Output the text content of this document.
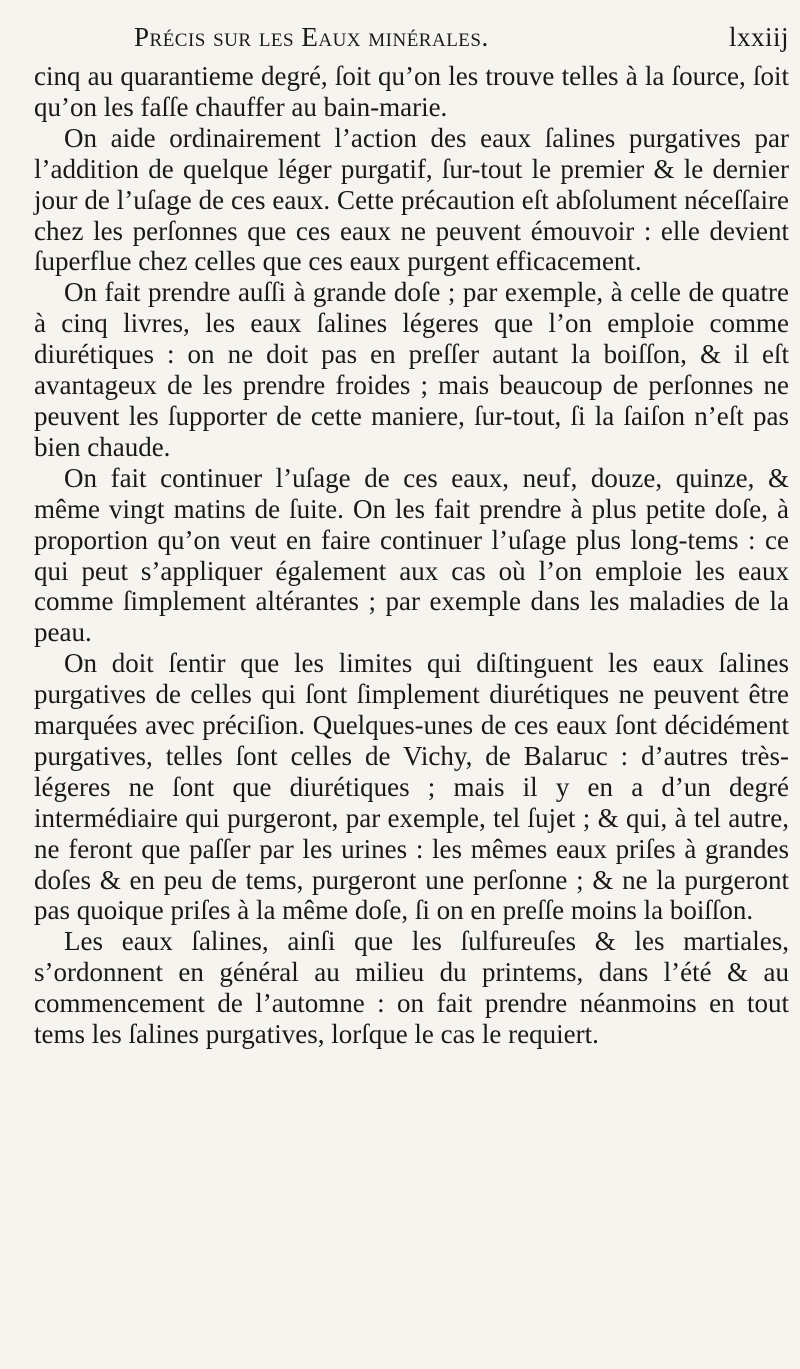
Précis sur les Eaux minérales.	lxxiij

cinq au quarantieme degré, ſoit qu’on les trouve telles à la ſource, ſoit qu’on les faſſe chauffer au bain-marie.

On aide ordinairement l’action des eaux ſalines purgatives par l’addition de quelque léger purgatif, ſur-tout le premier & le dernier jour de l’uſage de ces eaux. Cette précaution eſt abſolument néceſſaire chez les perſonnes que ces eaux ne peuvent émouvoir : elle devient ſuperflue chez celles que ces eaux purgent efficacement.

On fait prendre auſſi à grande doſe ; par exemple, à celle de quatre à cinq livres, les eaux ſalines légeres que l’on emploie comme diurétiques : on ne doit pas en preſſer autant la boiſſon, & il eſt avantageux de les prendre froides ; mais beaucoup de perſonnes ne peuvent les ſupporter de cette maniere, ſur-tout, ſi la ſaiſon n’eſt pas bien chaude.

On fait continuer l’uſage de ces eaux, neuf, douze, quinze, & même vingt matins de ſuite. On les fait prendre à plus petite doſe, à proportion qu’on veut en faire continuer l’uſage plus long-tems : ce qui peut s’appliquer également aux cas où l’on emploie les eaux comme ſimplement altérantes ; par exemple dans les maladies de la peau.

On doit ſentir que les limites qui diſtinguent les eaux ſalines purgatives de celles qui ſont ſimplement diurétiques ne peuvent être marquées avec préciſion. Quelques-unes de ces eaux ſont décidément purgatives, telles ſont celles de Vichy, de Balaruc : d’autres très-légeres ne ſont que diurétiques ; mais il y en a d’un degré intermédiaire qui purgeront, par exemple, tel ſujet ; & qui, à tel autre, ne feront que paſſer par les urines : les mêmes eaux priſes à grandes doſes & en peu de tems, purgeront une perſonne ; & ne la purgeront pas quoique priſes à la même doſe, ſi on en preſſe moins la boiſſon.

Les eaux ſalines, ainſi que les ſulfureuſes & les martiales, s’ordonnent en général au milieu du printems, dans l’été & au commencement de l’automne : on fait prendre néanmoins en tout tems les ſalines purgatives, lorſque le cas le requiert.
